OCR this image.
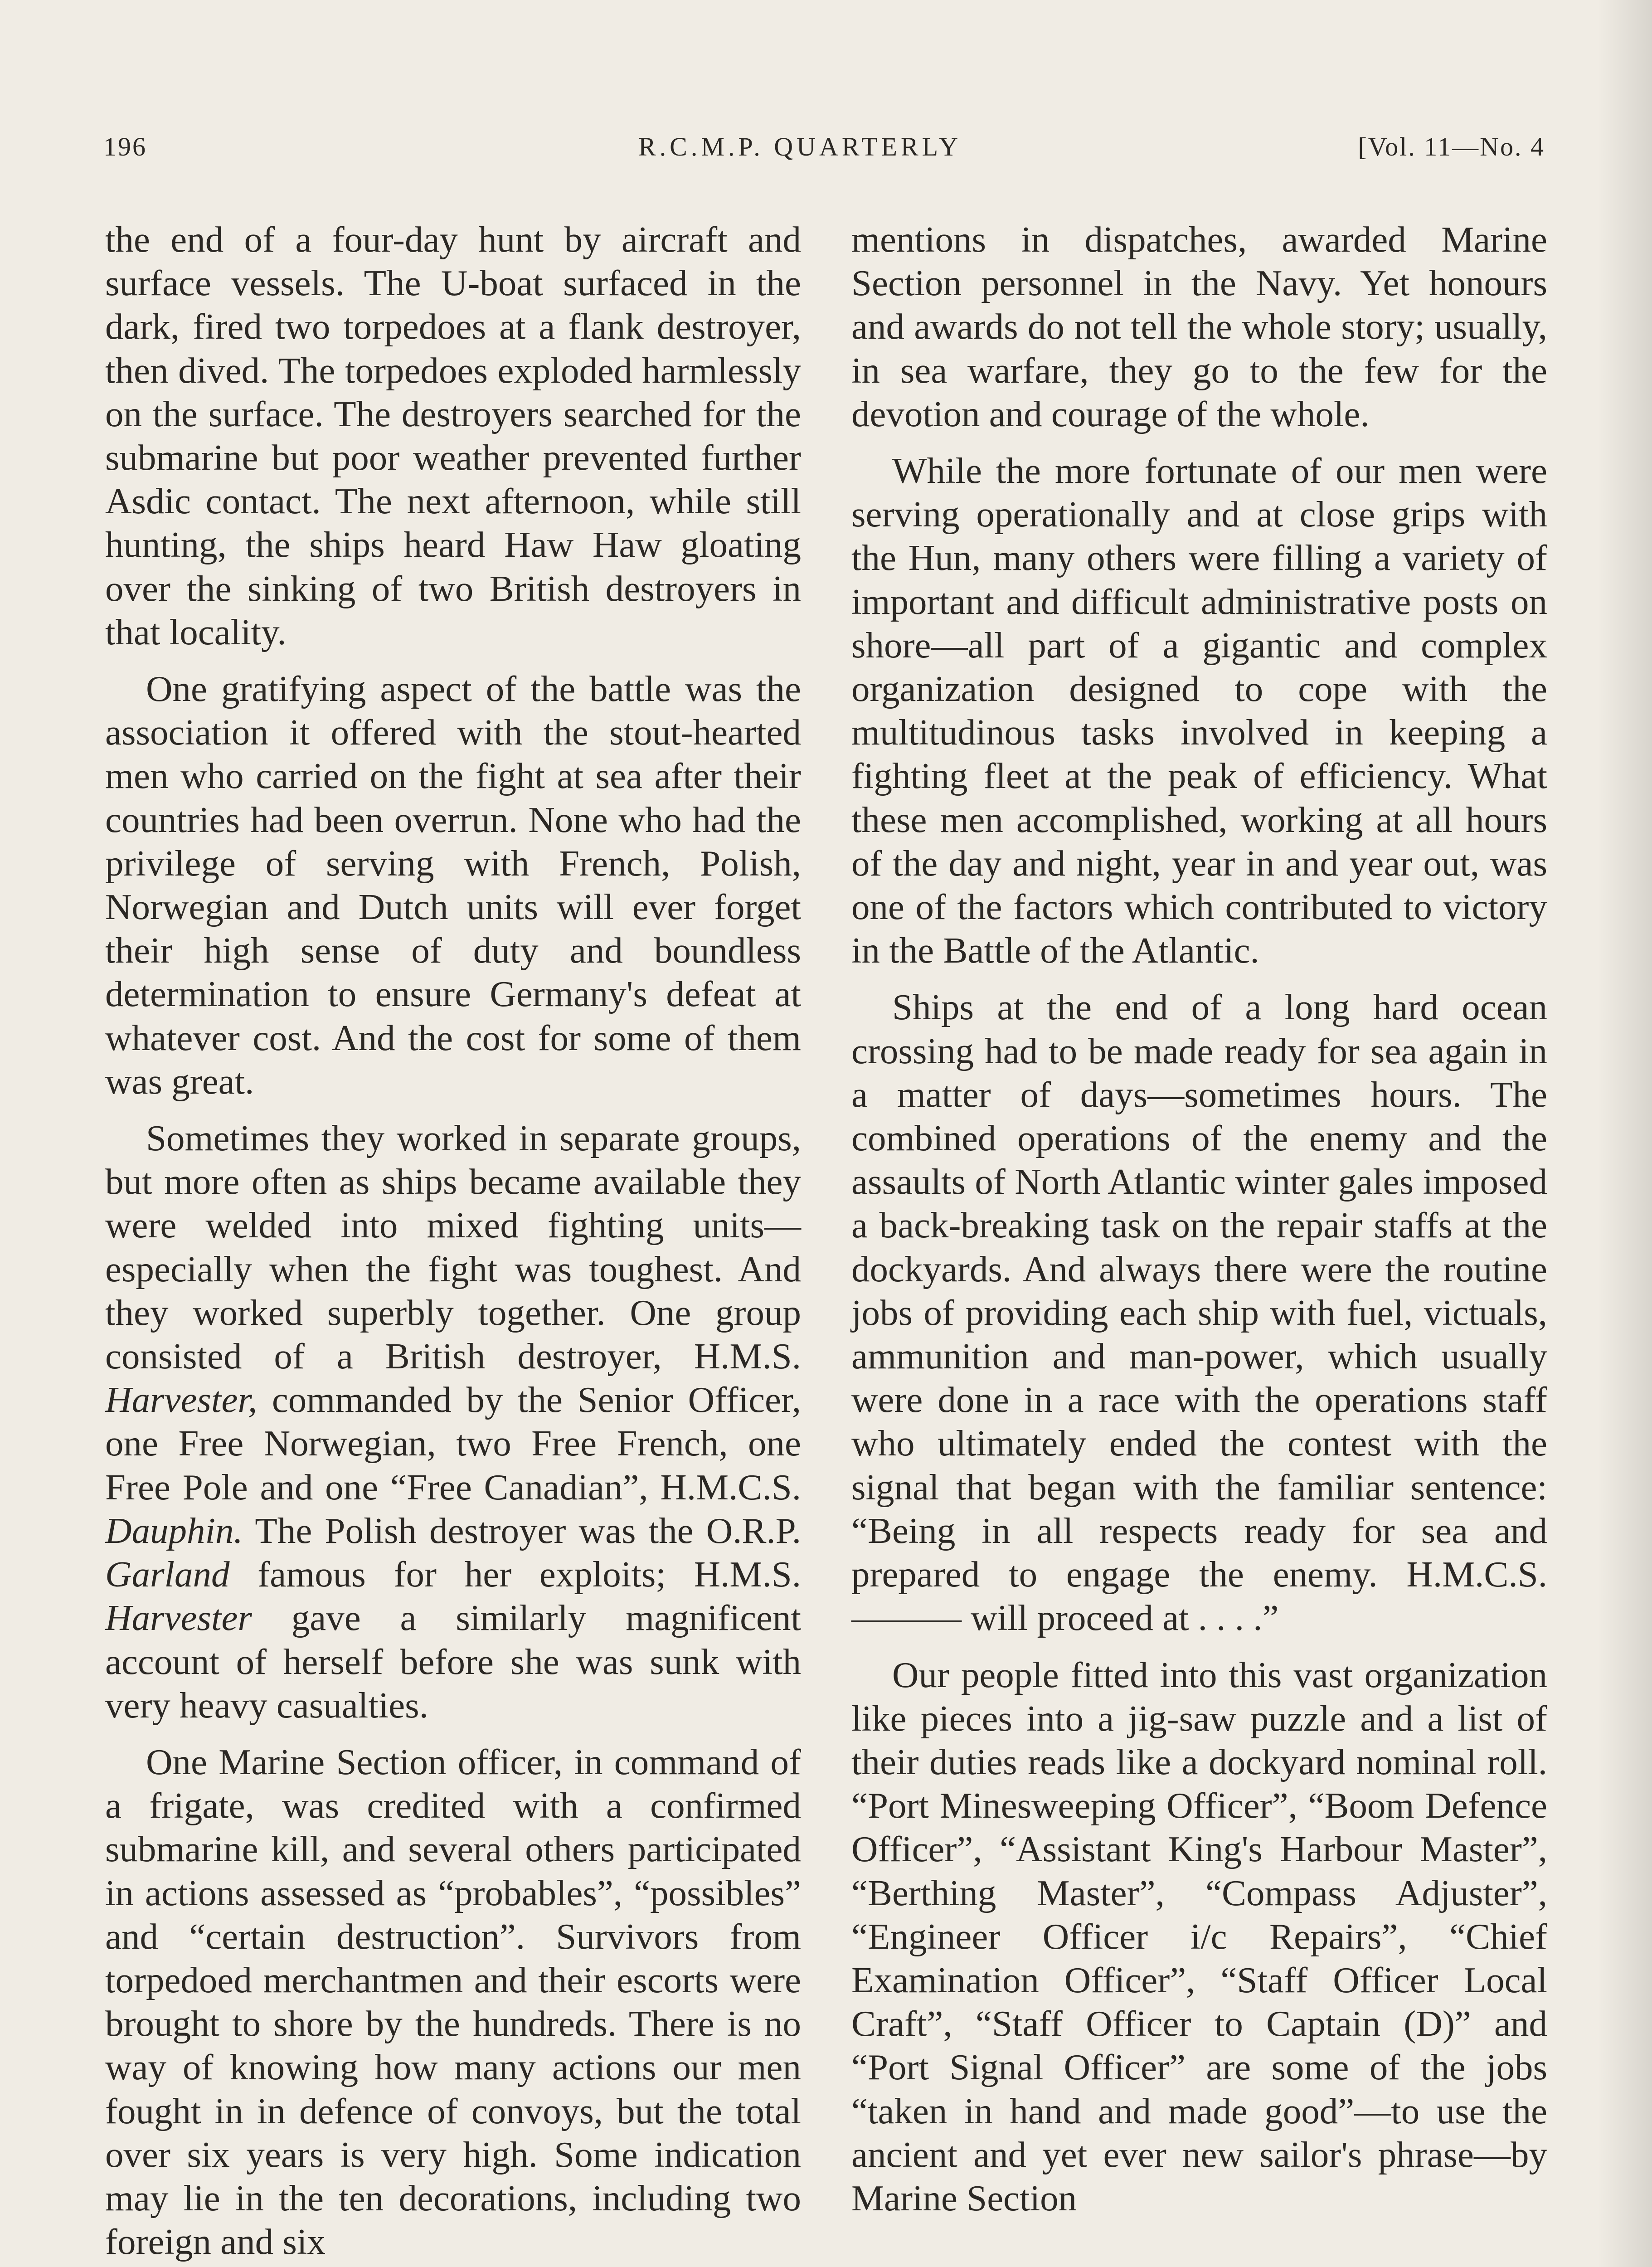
196	R.C.M.P. QUARTERLY	[Vol. 11—No. 4

the end of a four-day hunt by aircraft and surface vessels. The U-boat surfaced in the dark, fired two torpedoes at a flank destroyer, then dived. The torpedoes exploded harmlessly on the surface. The destroyers searched for the submarine but poor weather prevented further Asdic contact. The next afternoon, while still hunting, the ships heard Haw Haw gloating over the sinking of two British destroyers in that locality.

One gratifying aspect of the battle was the association it offered with the stout-hearted men who carried on the fight at sea after their countries had been overrun. None who had the privilege of serving with French, Polish, Norwegian and Dutch units will ever forget their high sense of duty and boundless determination to ensure Germany's defeat at whatever cost. And the cost for some of them was great.

Sometimes they worked in separate groups, but more often as ships became available they were welded into mixed fighting units—especially when the fight was toughest. And they worked superbly together. One group consisted of a British destroyer, H.M.S. Harvester, commanded by the Senior Officer, one Free Norwegian, two Free French, one Free Pole and one “Free Canadian”, H.M.C.S. Dauphin. The Polish destroyer was the O.R.P. Garland famous for her exploits; H.M.S. Harvester gave a similarly magnificent account of herself before she was sunk with very heavy casualties.

One Marine Section officer, in command of a frigate, was credited with a confirmed submarine kill, and several others participated in actions assessed as “probables”, “possibles” and “certain destruction”. Survivors from torpedoed merchantmen and their escorts were brought to shore by the hundreds. There is no way of knowing how many actions our men fought in in defence of convoys, but the total over six years is very high. Some indication may lie in the ten decorations, including two foreign and six

mentions in dispatches, awarded Marine Section personnel in the Navy. Yet honours and awards do not tell the whole story; usually, in sea warfare, they go to the few for the devotion and courage of the whole.

While the more fortunate of our men were serving operationally and at close grips with the Hun, many others were filling a variety of important and difficult administrative posts on shore—all part of a gigantic and complex organization designed to cope with the multitudinous tasks involved in keeping a fighting fleet at the peak of efficiency. What these men accomplished, working at all hours of the day and night, year in and year out, was one of the factors which contributed to victory in the Battle of the Atlantic.

Ships at the end of a long hard ocean crossing had to be made ready for sea again in a matter of days—sometimes hours. The combined operations of the enemy and the assaults of North Atlantic winter gales imposed a back-breaking task on the repair staffs at the dockyards. And always there were the routine jobs of providing each ship with fuel, victuals, ammunition and man-power, which usually were done in a race with the operations staff who ultimately ended the contest with the signal that began with the familiar sentence: “Being in all respects ready for sea and prepared to engage the enemy. H.M.C.S. ——— will proceed at . . . .”

Our people fitted into this vast organization like pieces into a jig-saw puzzle and a list of their duties reads like a dockyard nominal roll. “Port Minesweeping Officer”, “Boom Defence Officer”, “Assistant King's Harbour Master”, “Berthing Master”, “Compass Adjuster”, “Engineer Officer i/c Repairs”, “Chief Examination Officer”, “Staff Officer Local Craft”, “Staff Officer to Captain (D)” and “Port Signal Officer” are some of the jobs “taken in hand and made good”—to use the ancient and yet ever new sailor's phrase—by Marine Section
